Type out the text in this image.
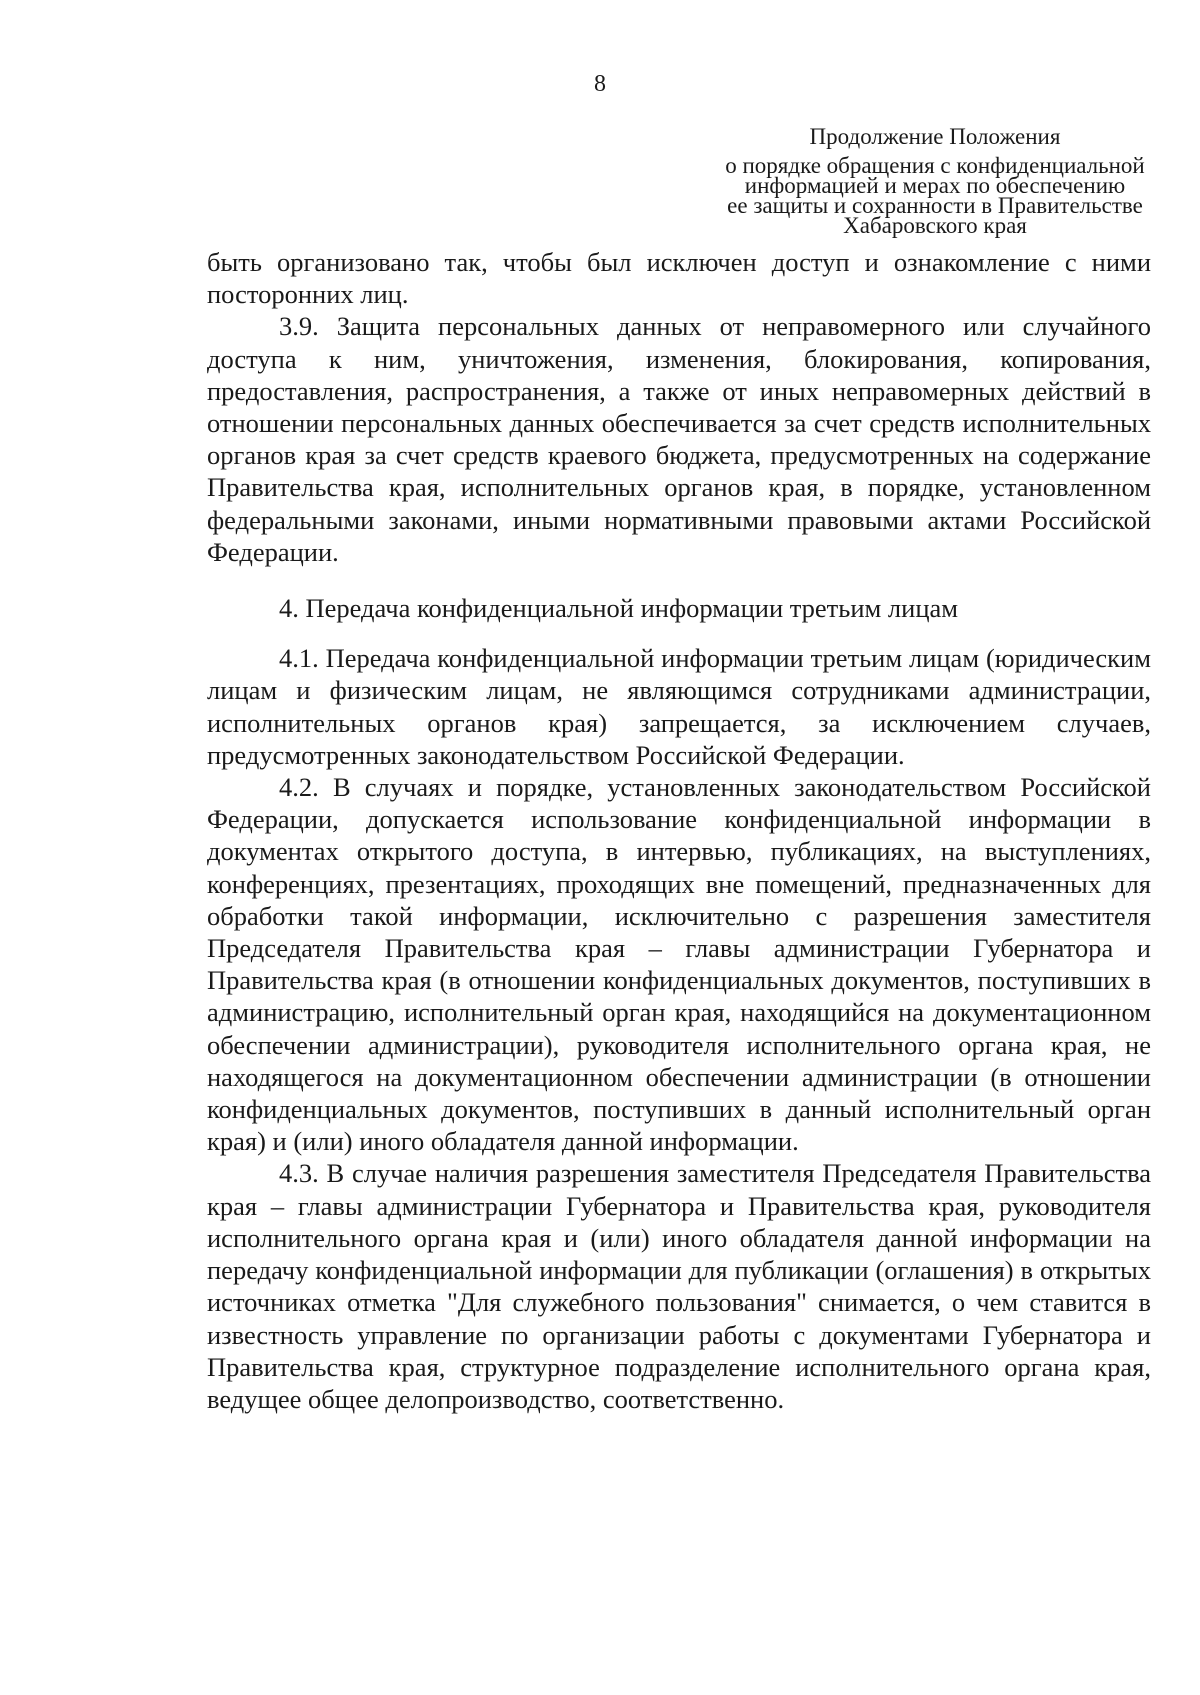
8
Продолжение Положения
о порядке обращения с конфиденциальной
информацией и мерах по обеспечению
ее защиты и сохранности в Правительстве
Хабаровского края

быть организовано так, чтобы был исключен доступ и ознакомление с ними посторонних лиц.

3.9. Защита персональных данных от неправомерного или случайного доступа к ним, уничтожения, изменения, блокирования, копирования, предоставления, распространения, а также от иных неправомерных действий в отношении персональных данных обеспечивается за счет средств исполнительных органов края за счет средств краевого бюджета, предусмотренных на содержание Правительства края, исполнительных органов края, в порядке, установленном федеральными законами, иными нормативными правовыми актами Российской Федерации.

4. Передача конфиденциальной информации третьим лицам

4.1. Передача конфиденциальной информации третьим лицам (юридическим лицам и физическим лицам, не являющимся сотрудниками администрации, исполнительных органов края) запрещается, за исключением случаев, предусмотренных законодательством Российской Федерации.

4.2. В случаях и порядке, установленных законодательством Российской Федерации, допускается использование конфиденциальной информации в документах открытого доступа, в интервью, публикациях, на выступлениях, конференциях, презентациях, проходящих вне помещений, предназначенных для обработки такой информации, исключительно с разрешения заместителя Председателя Правительства края – главы администрации Губернатора и Правительства края (в отношении конфиденциальных документов, поступивших в администрацию, исполнительный орган края, находящийся на документационном обеспечении администрации), руководителя исполнительного органа края, не находящегося на документационном обеспечении администрации (в отношении конфиденциальных документов, поступивших в данный исполнительный орган края) и (или) иного обладателя данной информации.

4.3. В случае наличия разрешения заместителя Председателя Правительства края – главы администрации Губернатора и Правительства края, руководителя исполнительного органа края и (или) иного обладателя данной информации на передачу конфиденциальной информации для публикации (оглашения) в открытых источниках отметка "Для служебного пользования" снимается, о чем ставится в известность управление по организации работы с документами Губернатора и Правительства края, структурное подразделение исполнительного органа края, ведущее общее делопроизводство, соответственно.
